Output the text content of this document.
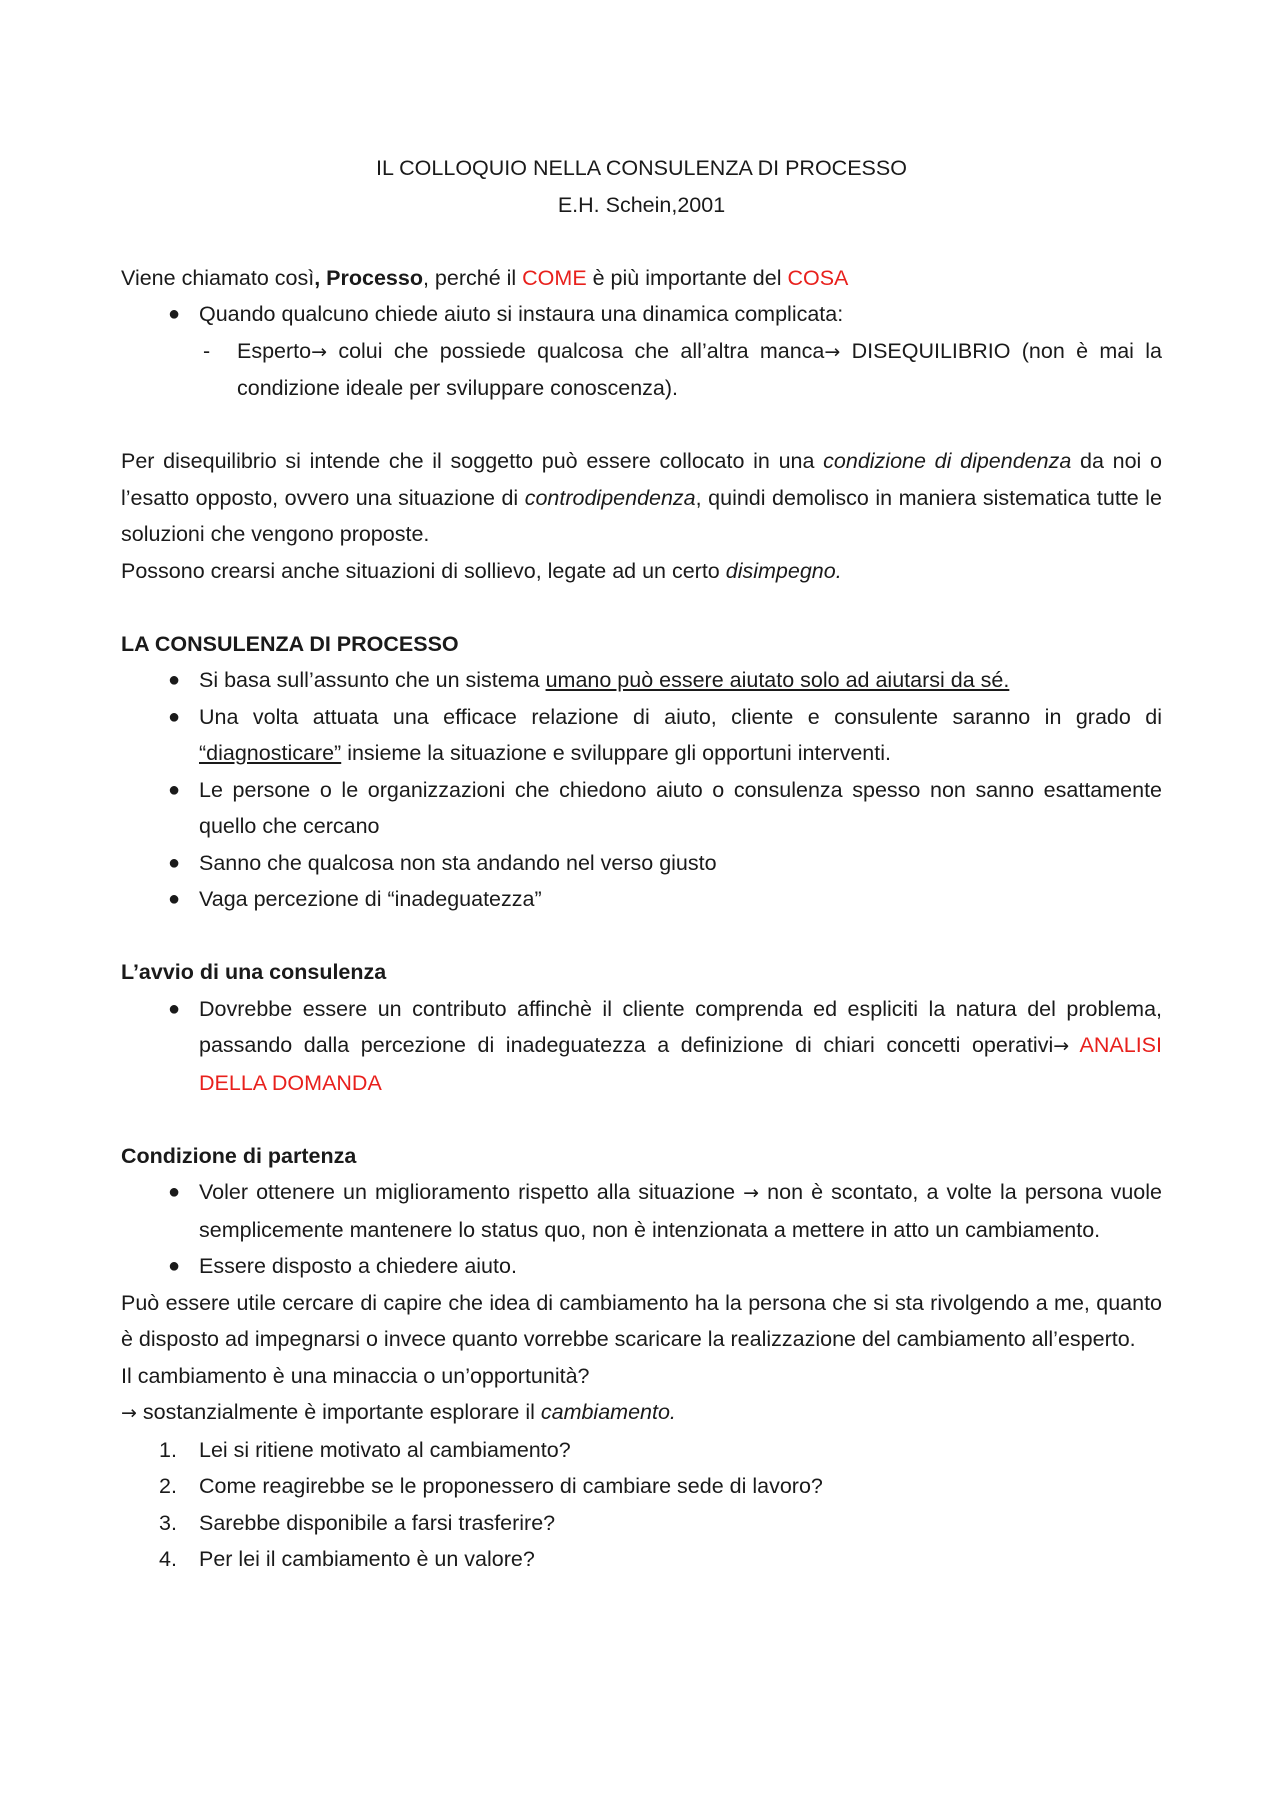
IL COLLOQUIO NELLA CONSULENZA DI PROCESSO

E.H. Schein,2001

Viene chiamato così, Processo, perché il COME è più importante del COSA

● Quando qualcuno chiede aiuto si instaura una dinamica complicata:
- Esperto→ colui che possiede qualcosa che all’altra manca→ DISEQUILIBRIO (non è mai la condizione ideale per sviluppare conoscenza).

Per disequilibrio si intende che il soggetto può essere collocato in una condizione di dipendenza da noi o l’esatto opposto, ovvero una situazione di controdipendenza, quindi demolisco in maniera sistematica tutte le soluzioni che vengono proposte.

Possono crearsi anche situazioni di sollievo, legate ad un certo disimpegno.

LA CONSULENZA DI PROCESSO

● Si basa sull’assunto che un sistema umano può essere aiutato solo ad aiutarsi da sé.
● Una volta attuata una efficace relazione di aiuto, cliente e consulente saranno in grado di “diagnosticare” insieme la situazione e sviluppare gli opportuni interventi.
● Le persone o le organizzazioni che chiedono aiuto o consulenza spesso non sanno esattamente quello che cercano
● Sanno che qualcosa non sta andando nel verso giusto
● Vaga percezione di “inadeguatezza”

L’avvio di una consulenza

● Dovrebbe essere un contributo affinchè il cliente comprenda ed espliciti la natura del problema, passando dalla percezione di inadeguatezza a definizione di chiari concetti operativi→ ANALISI DELLA DOMANDA

Condizione di partenza

● Voler ottenere un miglioramento rispetto alla situazione → non è scontato, a volte la persona vuole semplicemente mantenere lo status quo, non è intenzionata a mettere in atto un cambiamento.
● Essere disposto a chiedere aiuto.

Può essere utile cercare di capire che idea di cambiamento ha la persona che si sta rivolgendo a me, quanto è disposto ad impegnarsi o invece quanto vorrebbe scaricare la realizzazione del cambiamento all’esperto.

Il cambiamento è una minaccia o un’opportunità?

→ sostanzialmente è importante esplorare il cambiamento.

1.	Lei si ritiene motivato al cambiamento?
2.	Come reagirebbe se le proponessero di cambiare sede di lavoro?
3.	Sarebbe disponibile a farsi trasferire?
4.	Per lei il cambiamento è un valore?
